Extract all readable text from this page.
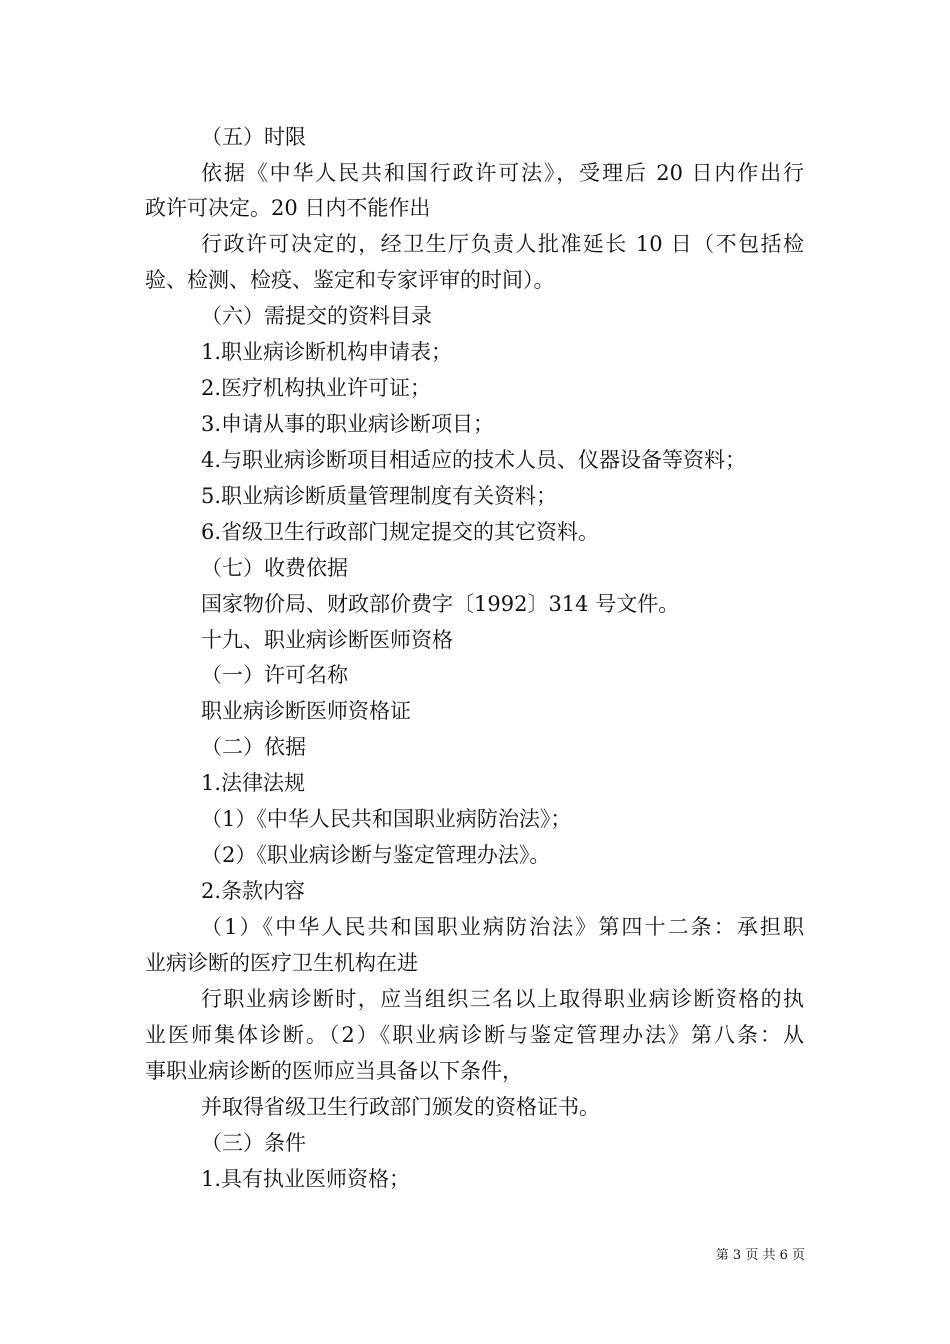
（五）时限
依据《中华人民共和国行政许可法》，受理后 20 日内作出行
政许可决定。20 日内不能作出
行政许可决定的，经卫生厅负责人批准延长 10 日（不包括检
验、检测、检疫、鉴定和专家评审的时间）。
（六）需提交的资料目录
1.职业病诊断机构申请表；
2.医疗机构执业许可证；
3.申请从事的职业病诊断项目；
4.与职业病诊断项目相适应的技术人员、仪器设备等资料；
5.职业病诊断质量管理制度有关资料；
6.省级卫生行政部门规定提交的其它资料。
（七）收费依据
国家物价局、财政部价费字〔1992〕314 号文件。
十九、职业病诊断医师资格
（一）许可名称
职业病诊断医师资格证
（二）依据
1.法律法规
（1）《中华人民共和国职业病防治法》；
（2）《职业病诊断与鉴定管理办法》。
2.条款内容
（1）《中华人民共和国职业病防治法》第四十二条：承担职
业病诊断的医疗卫生机构在进
行职业病诊断时，应当组织三名以上取得职业病诊断资格的执
业医师集体诊断。（2）《职业病诊断与鉴定管理办法》第八条：从
事职业病诊断的医师应当具备以下条件，
并取得省级卫生行政部门颁发的资格证书。
（三）条件
1.具有执业医师资格；
第 3 页 共 6 页
